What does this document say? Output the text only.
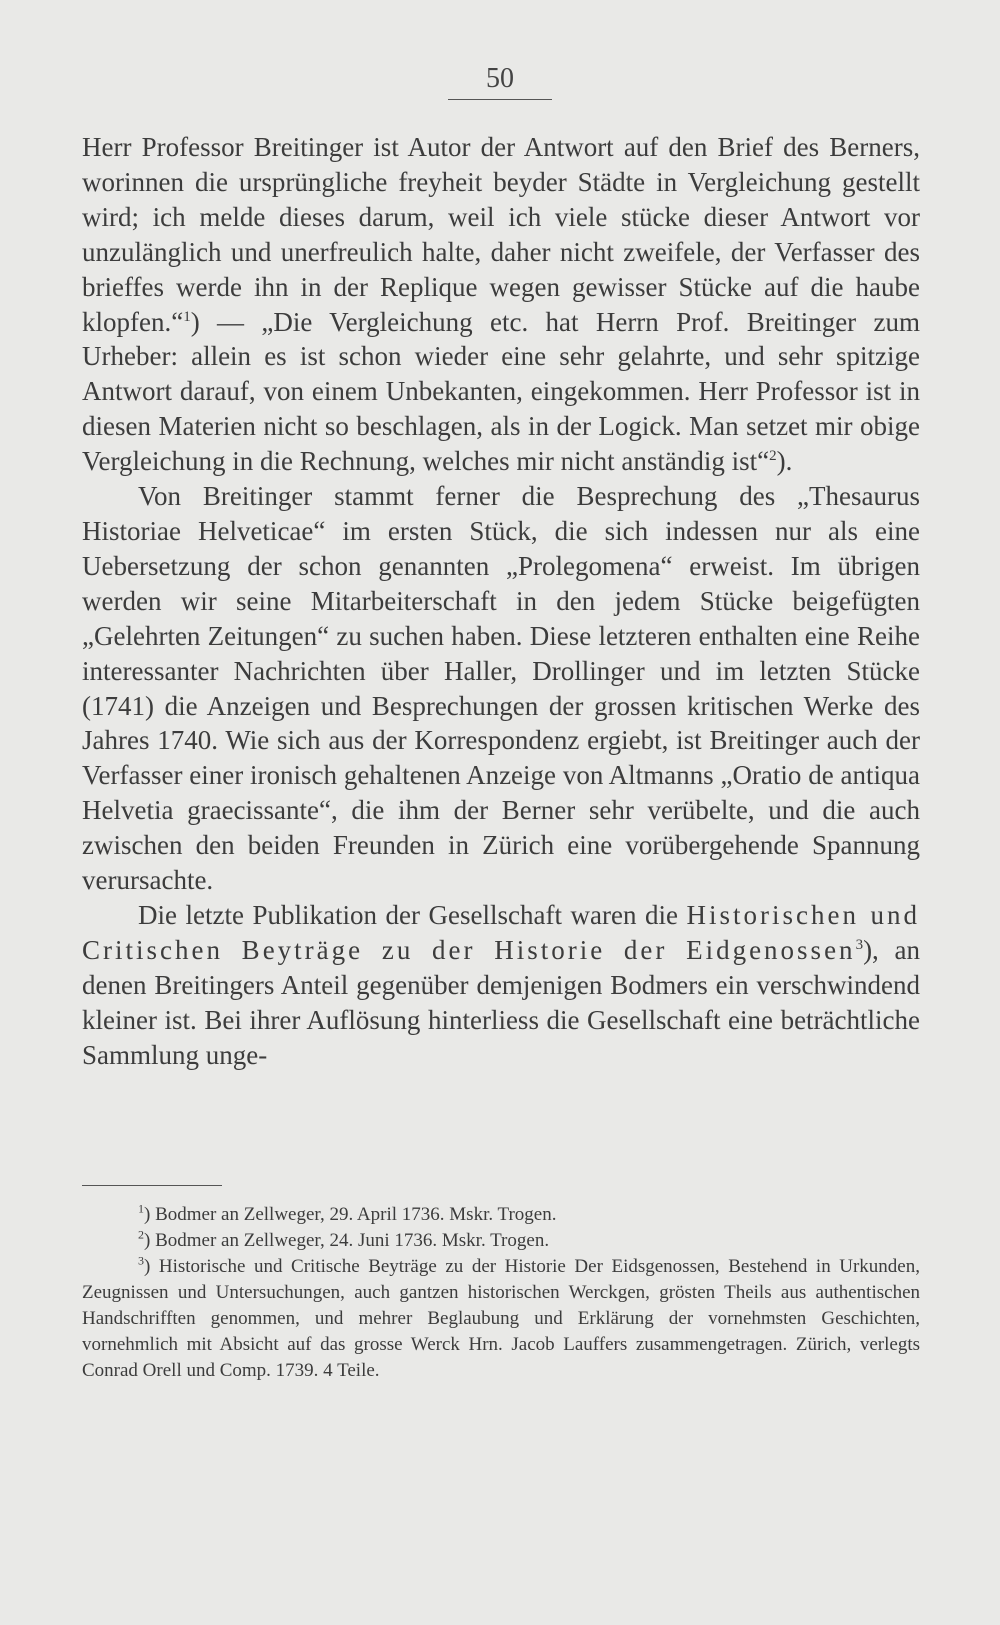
50

Herr Professor Breitinger ist Autor der Antwort auf den Brief des Berners, worinnen die ursprüngliche freyheit beyder Städte in Vergleichung gestellt wird; ich melde dieses darum, weil ich viele stücke dieser Antwort vor unzulänglich und unerfreulich halte, daher nicht zweifele, der Verfasser des brieffes werde ihn in der Replique wegen gewisser Stücke auf die haube klopfen.“$^1$) — „Die Vergleichung etc. hat Herrn Prof. Breitinger zum Urheber: allein es ist schon wieder eine sehr gelahrte, und sehr spitzige Antwort darauf, von einem Unbekanten, eingekommen. Herr Professor ist in diesen Materien nicht so beschlagen, als in der Logick. Man setzet mir obige Vergleichung in die Rechnung, welches mir nicht anständig ist“$^2$).

Von Breitinger stammt ferner die Besprechung des „Thesaurus Historiae Helveticae“ im ersten Stück, die sich indessen nur als eine Uebersetzung der schon genannten „Prolegomena“ erweist. Im übrigen werden wir seine Mitarbeiterschaft in den jedem Stücke beigefügten „Gelehrten Zeitungen“ zu suchen haben. Diese letzteren enthalten eine Reihe interessanter Nachrichten über Haller, Drollinger und im letzten Stücke (1741) die Anzeigen und Besprechungen der grossen kritischen Werke des Jahres 1740. Wie sich aus der Korrespondenz ergiebt, ist Breitinger auch der Verfasser einer ironisch gehaltenen Anzeige von Altmanns „Oratio de antiqua Helvetia graecissante“, die ihm der Berner sehr verübelte, und die auch zwischen den beiden Freunden in Zürich eine vorübergehende Spannung verursachte.

Die letzte Publikation der Gesellschaft waren die Historischen und Critischen Beyträge zu der Historie der Eidgenossen$^3$), an denen Breitingers Anteil gegenüber demjenigen Bodmers ein verschwindend kleiner ist. Bei ihrer Auflösung hinterliess die Gesellschaft eine beträchtliche Sammlung unge-

$^1$) Bodmer an Zellweger, 29. April 1736. Mskr. Trogen.

$^2$) Bodmer an Zellweger, 24. Juni 1736. Mskr. Trogen.

$^3$) Historische und Critische Beyträge zu der Historie Der Eidsgenossen, Bestehend in Urkunden, Zeugnissen und Untersuchungen, auch gantzen historischen Werckgen, grösten Theils aus authentischen Handschrifften genommen, und mehrer Beglaubung und Erklärung der vornehmsten Geschichten, vornehmlich mit Absicht auf das grosse Werck Hrn. Jacob Lauffers zusammengetragen. Zürich, verlegts Conrad Orell und Comp. 1739. 4 Teile.
